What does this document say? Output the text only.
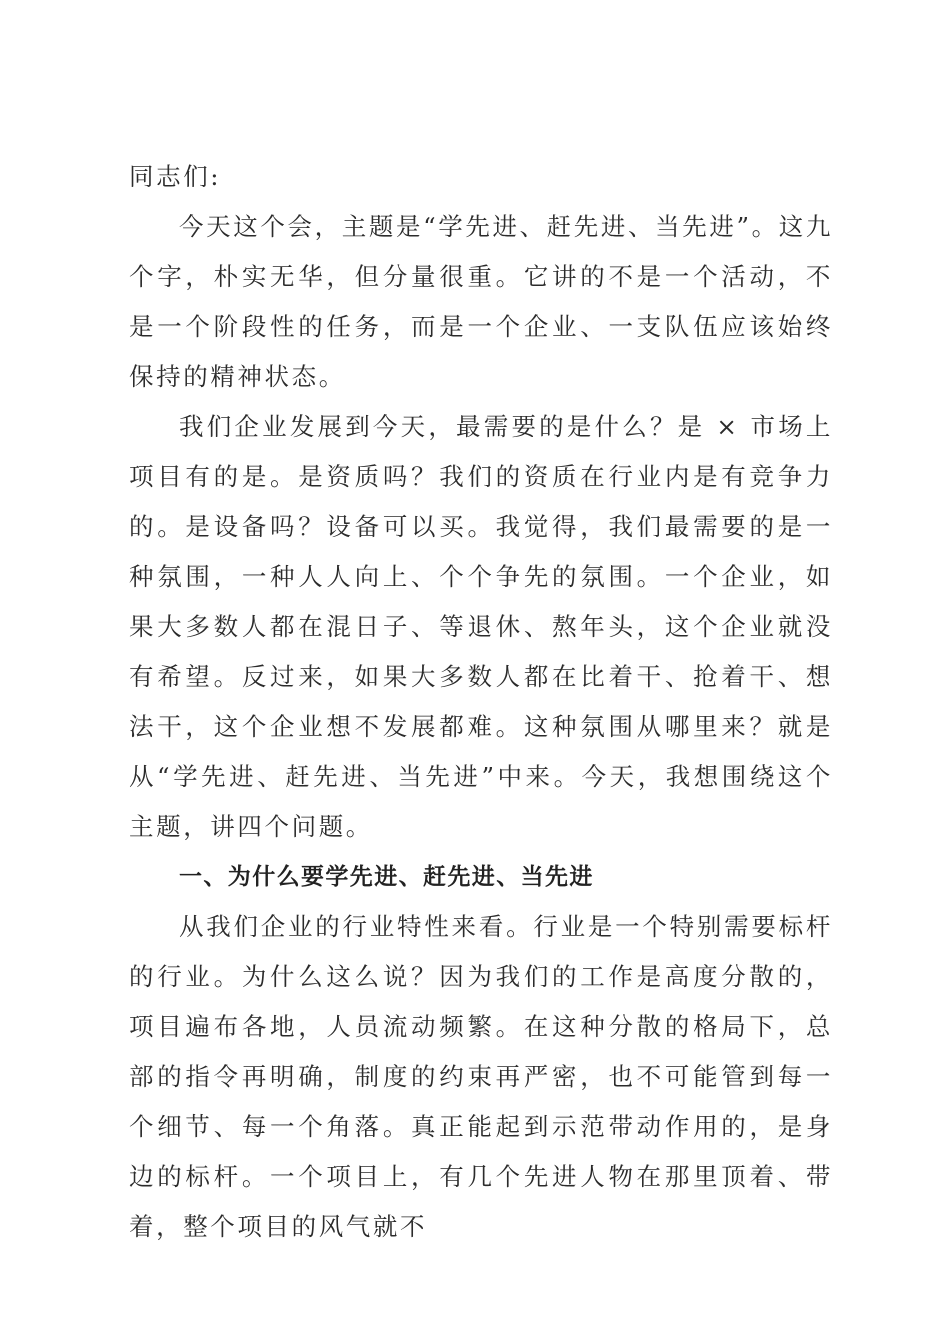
同志们:

今天这个会，主题是“学先进、赶先进、当先进”。这九个字，朴实无华，但分量很重。它讲的不是一个活动，不是一个阶段性的任务，而是一个企业、一支队伍应该始终保持的精神状态。

我们企业发展到今天，最需要的是什么？是 × 市场上项目有的是。是资质吗？我们的资质在行业内是有竞争力的。是设备吗？设备可以买。我觉得，我们最需要的是一种氛围，一种人人向上、个个争先的氛围。一个企业，如果大多数人都在混日子、等退休、熬年头，这个企业就没有希望。反过来，如果大多数人都在比着干、抢着干、想法干，这个企业想不发展都难。这种氛围从哪里来？就是从“学先进、赶先进、当先进”中来。今天，我想围绕这个主题，讲四个问题。

一、为什么要学先进、赶先进、当先进

从我们企业的行业特性来看。行业是一个特别需要标杆的行业。为什么这么说？因为我们的工作是高度分散的，项目遍布各地，人员流动频繁。在这种分散的格局下，总部的指令再明确，制度的约束再严密，也不可能管到每一个细节、每一个角落。真正能起到示范带动作用的，是身边的标杆。一个项目上，有几个先进人物在那里顶着、带着，整个项目的风气就不
